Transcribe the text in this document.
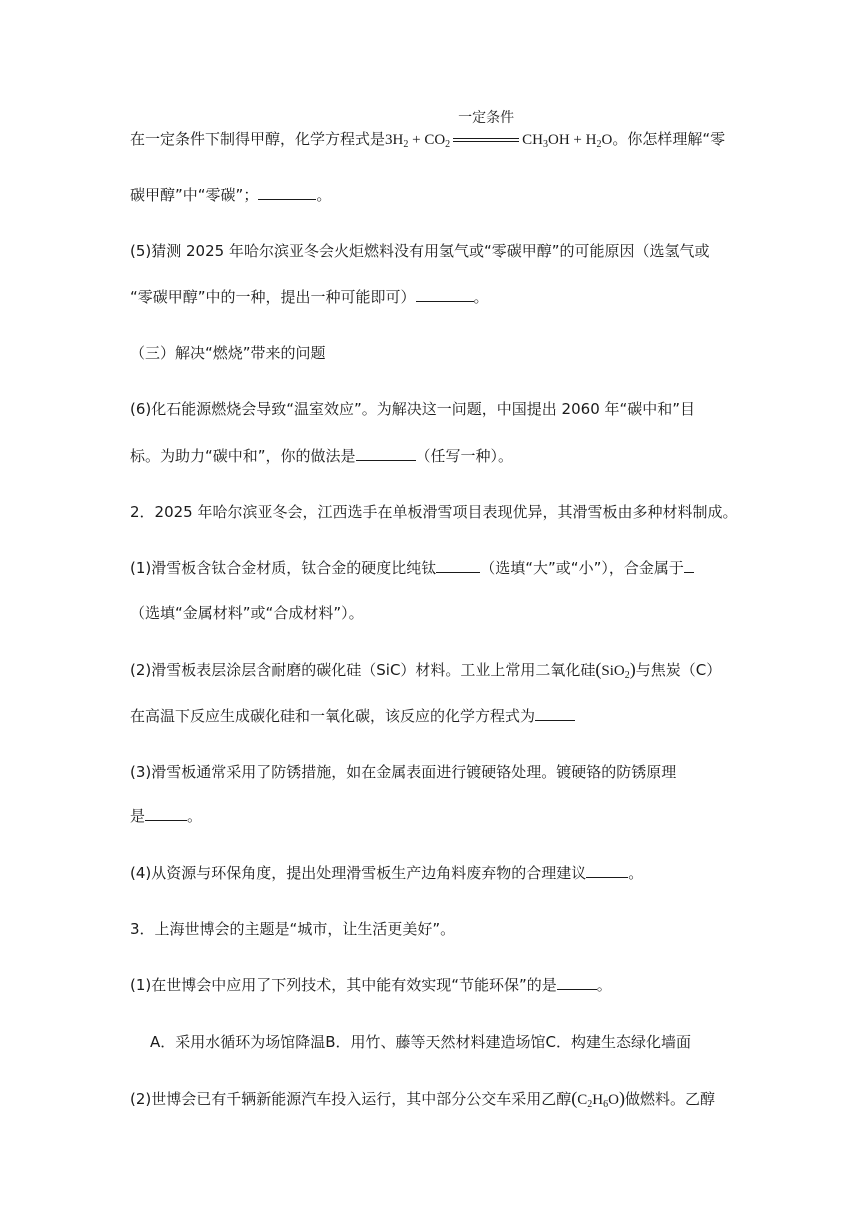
在一定条件下制得甲醇，化学方程式是$3H_2 + CO_2$
一定条件
$CH_3OH + H_2O$。你怎样理解“零
碳甲醇”中“零碳”；	。
(5)猜测 2025 年哈尔滨亚冬会火炬燃料没有用氢气或“零碳甲醇”的可能原因（选氢气或
“零碳甲醇”中的一种，提出一种可能即可）	。
（三）解决“燃烧”带来的问题
(6)化石能源燃烧会导致“温室效应”。为解决这一问题，中国提出 2060 年“碳中和”目
标。为助力“碳中和”，你的做法是	（任写一种）。
2．2025 年哈尔滨亚冬会，江西选手在单板滑雪项目表现优异，其滑雪板由多种材料制成。
(1)滑雪板含钛合金材质，钛合金的硬度比纯钛	（选填“大”或“小”），合金属于
（选填“金属材料”或“合成材料”）。
(2)滑雪板表层涂层含耐磨的碳化硅（SiC）材料。工业上常用二氧化硅(SiO$_2$)与焦炭（C）
在高温下反应生成碳化硅和一氧化碳，该反应的化学方程式为
(3)滑雪板通常采用了防锈措施，如在金属表面进行镀硬铬处理。镀硬铬的防锈原理
是	。
(4)从资源与环保角度，提出处理滑雪板生产边角料废弃物的合理建议	。
3．上海世博会的主题是“城市，让生活更美好”。
(1)在世博会中应用了下列技术，其中能有效实现“节能环保”的是	。
A．采用水循环为场馆降温B．用竹、藤等天然材料建造场馆C．构建生态绿化墙面
(2)世博会已有千辆新能源汽车投入运行，其中部分公交车采用乙醇$(C_2H_6O)$做燃料。乙醇
